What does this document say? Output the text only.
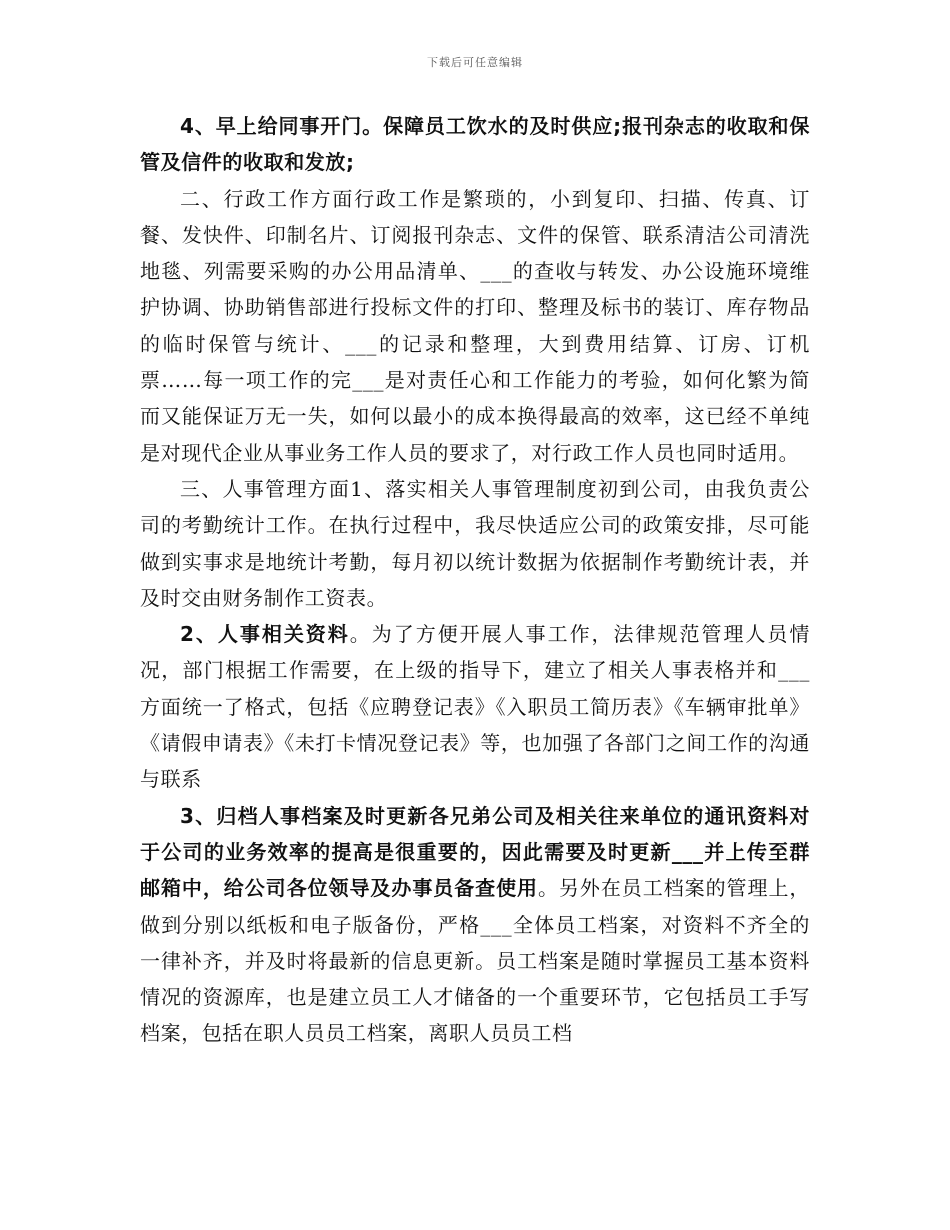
下载后可任意编辑

4、早上给同事开门。保障员工饮水的及时供应;报刊杂志的收取和保管及信件的收取和发放;

二、行政工作方面行政工作是繁琐的，小到复印、扫描、传真、订餐、发快件、印制名片、订阅报刊杂志、文件的保管、联系清洁公司清洗地毯、列需要采购的办公用品清单、___的查收与转发、办公设施环境维护协调、协助销售部进行投标文件的打印、整理及标书的装订、库存物品的临时保管与统计、___的记录和整理，大到费用结算、订房、订机票……每一项工作的完___是对责任心和工作能力的考验，如何化繁为简而又能保证万无一失，如何以最小的成本换得最高的效率，这已经不单纯是对现代企业从事业务工作人员的要求了，对行政工作人员也同时适用。

三、人事管理方面1、落实相关人事管理制度初到公司，由我负责公司的考勤统计工作。在执行过程中，我尽快适应公司的政策安排，尽可能做到实事求是地统计考勤，每月初以统计数据为依据制作考勤统计表，并及时交由财务制作工资表。

2、人事相关资料。为了方便开展人事工作，法律规范管理人员情况，部门根据工作需要，在上级的指导下，建立了相关人事表格并和___方面统一了格式，包括《应聘登记表》《入职员工简历表》《车辆审批单》《请假申请表》《未打卡情况登记表》等，也加强了各部门之间工作的沟通与联系

3、归档人事档案及时更新各兄弟公司及相关往来单位的通讯资料对于公司的业务效率的提高是很重要的，因此需要及时更新___并上传至群邮箱中，给公司各位领导及办事员备查使用。另外在员工档案的管理上，做到分别以纸板和电子版备份，严格___全体员工档案，对资料不齐全的一律补齐，并及时将最新的信息更新。员工档案是随时掌握员工基本资料情况的资源库，也是建立员工人才储备的一个重要环节，它包括员工手写档案，包括在职人员员工档案，离职人员员工档
